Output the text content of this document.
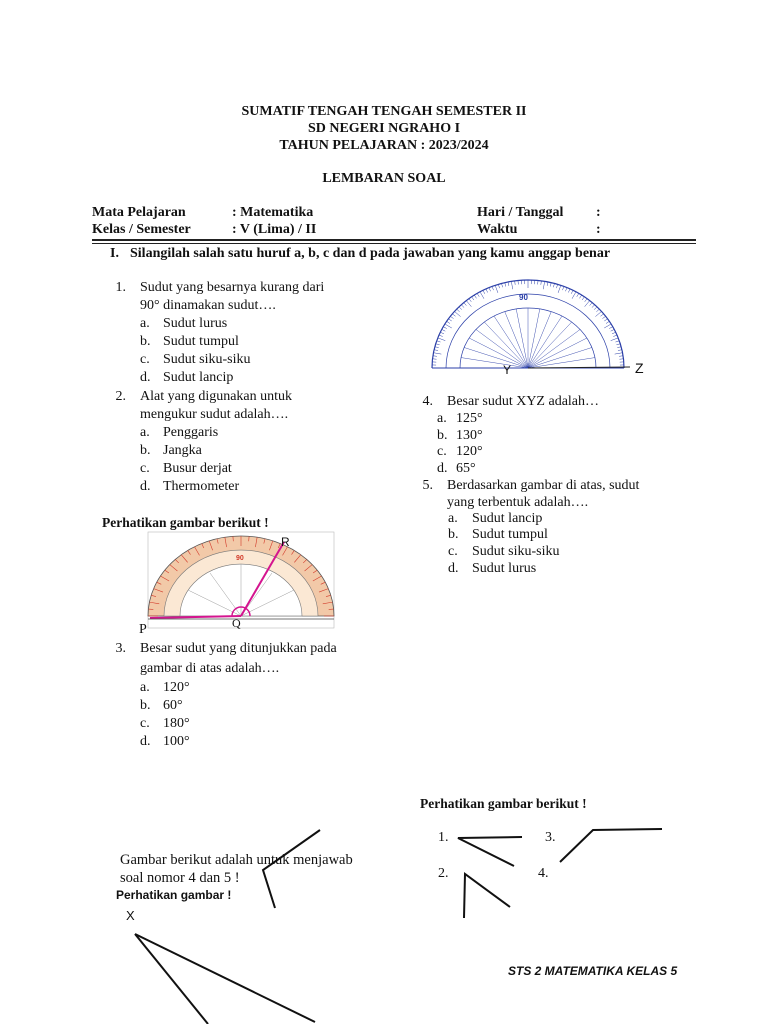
SUMATIF TENGAH TENGAH SEMESTER II
SD NEGERI NGRAHO I
TAHUN PELAJARAN : 2023/2024
LEMBARAN SOAL
Mata Pelajaran	: Matematika	Hari / Tanggal :
Kelas / Semester	: V (Lima) / II	Waktu	:
I. Silangilah salah satu huruf a, b, c dan d pada jawaban yang kamu anggap benar
1. Sudut yang besarnya kurang dari
90° dinamakan sudut….
a. Sudut lurus
b. Sudut tumpul
c. Sudut siku-siku
d. Sudut lancip
2. Alat yang digunakan untuk
mengukur sudut adalah….
a. Penggaris
b. Jangka
c. Busur derjat
d. Thermometer
Perhatikan gambar berikut !
90
P	Q
R
3. Besar sudut yang ditunjukkan pada
gambar di atas adalah….
a. 120°
b. 60°
c. 180°
d. 100°
90
Y	Z
4. Besar sudut XYZ adalah…
a. 125°
b. 130°
c. 120°
d. 65°
5. Berdasarkan gambar di atas, sudut
yang terbentuk adalah….
a. Sudut lancip
b. Sudut tumpul
c. Sudut siku-siku
d. Sudut lurus
Perhatikan gambar berikut !
1.
2.
3.
4.
Gambar berikut adalah untuk menjawab
soal nomor 4 dan 5 !
Perhatikan gambar !
X
STS 2 MATEMATIKA KELAS 5
